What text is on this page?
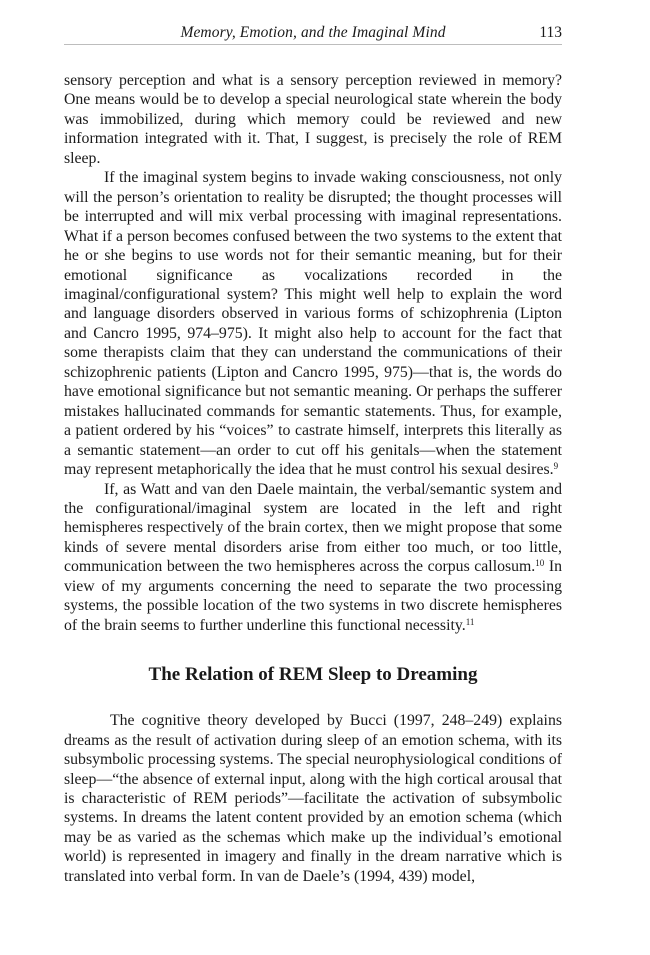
Memory, Emotion, and the Imaginal Mind	113

sensory perception and what is a sensory perception reviewed in memory? One means would be to develop a special neurological state wherein the body was immobilized, during which memory could be reviewed and new information integrated with it. That, I suggest, is precisely the role of REM sleep.

If the imaginal system begins to invade waking consciousness, not only will the person’s orientation to reality be disrupted; the thought processes will be interrupted and will mix verbal processing with imaginal representations. What if a person becomes confused between the two systems to the extent that he or she begins to use words not for their semantic meaning, but for their emotional significance as vocalizations recorded in the imaginal/configurational system? This might well help to explain the word and language disorders observed in various forms of schizophrenia (Lipton and Cancro 1995, 974–975). It might also help to account for the fact that some therapists claim that they can understand the communications of their schizophrenic patients (Lipton and Cancro 1995, 975)—that is, the words do have emotional significance but not semantic meaning. Or perhaps the sufferer mistakes hallucinated commands for semantic statements. Thus, for example, a patient ordered by his “voices” to castrate himself, interprets this literally as a semantic statement—an order to cut off his genitals—when the statement may represent metaphorically the idea that he must control his sexual desires.$^9$

If, as Watt and van den Daele maintain, the verbal/semantic system and the configurational/imaginal system are located in the left and right hemispheres respectively of the brain cortex, then we might propose that some kinds of severe mental disorders arise from either too much, or too little, communication between the two hemispheres across the corpus callosum.$^{10}$ In view of my arguments concerning the need to separate the two processing systems, the possible location of the two systems in two discrete hemispheres of the brain seems to further underline this functional necessity.$^{11}$

The Relation of REM Sleep to Dreaming

The cognitive theory developed by Bucci (1997, 248–249) explains dreams as the result of activation during sleep of an emotion schema, with its subsymbolic processing systems. The special neurophysiological conditions of sleep—“the absence of external input, along with the high cortical arousal that is characteristic of REM periods”—facilitate the activation of subsymbolic systems. In dreams the latent content provided by an emotion schema (which may be as varied as the schemas which make up the individual’s emotional world) is represented in imagery and finally in the dream narrative which is translated into verbal form. In van de Daele’s (1994, 439) model,
